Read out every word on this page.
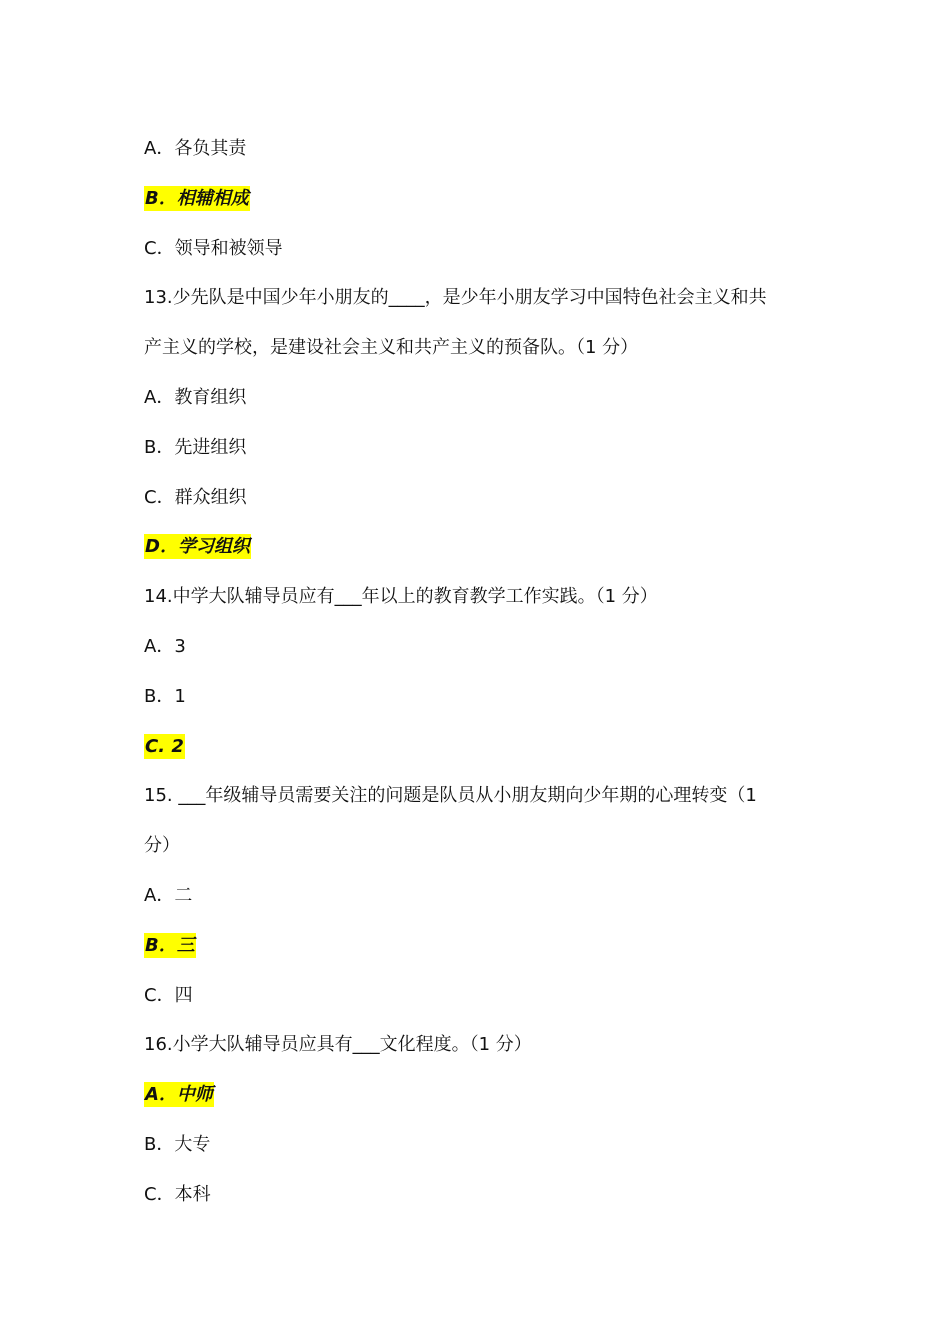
A．各负其责
B．相辅相成
C．领导和被领导
13.少先队是中国少年小朋友的____，是少年小朋友学习中国特色社会主义和共
产主义的学校，是建设社会主义和共产主义的预备队。（1 分）
A．教育组织
B．先进组织
C．群众组织
D．学习组织
14.中学大队辅导员应有___年以上的教育教学工作实践。（1 分）
A．3
B．1
C. 2
15. ___年级辅导员需要关注的问题是队员从小朋友期向少年期的心理转变（1
分）
A．二
B．三
C．四
16.小学大队辅导员应具有___文化程度。（1 分）
A．中师
B．大专
C．本科
